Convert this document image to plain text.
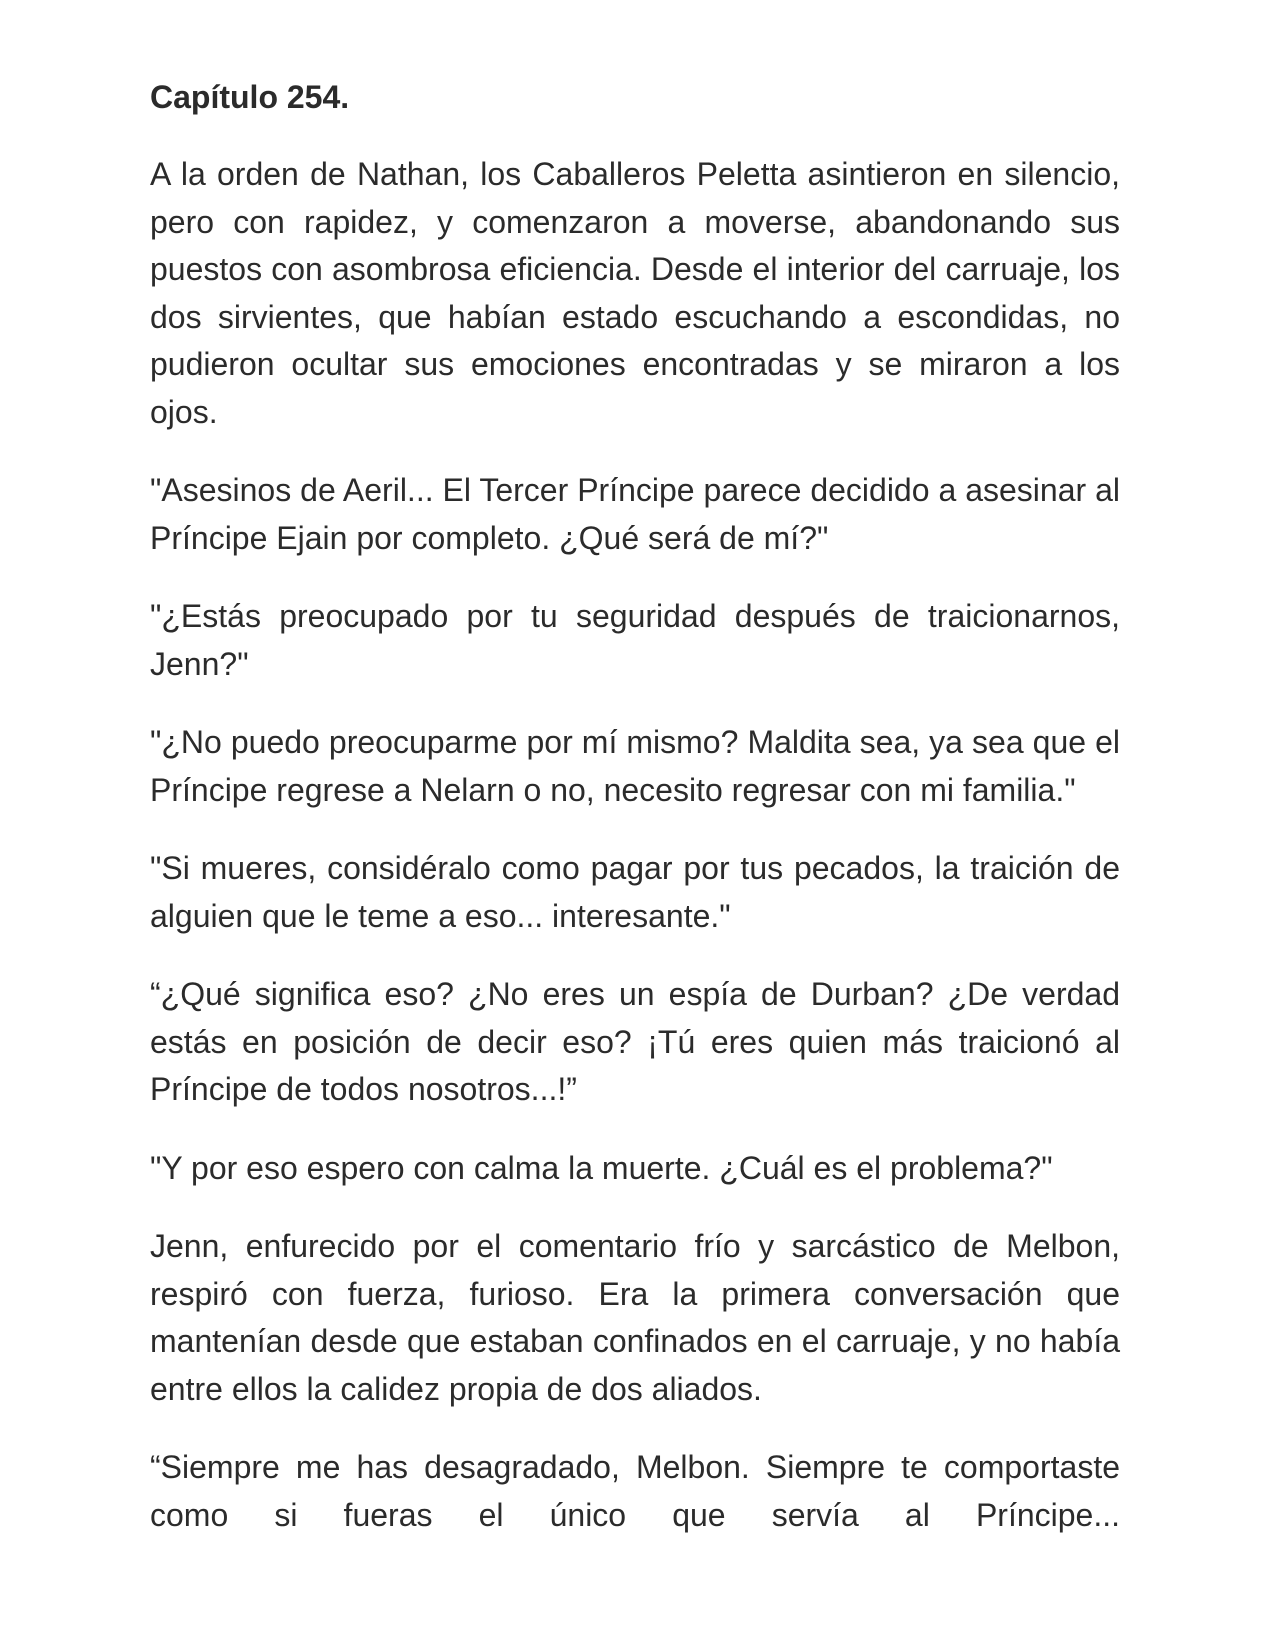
Capítulo 254.

A la orden de Nathan, los Caballeros Peletta asintieron en silencio, pero con rapidez, y comenzaron a moverse, abandonando sus puestos con asombrosa eficiencia. Desde el interior del carruaje, los dos sirvientes, que habían estado escuchando a escondidas, no pudieron ocultar sus emociones encontradas y se miraron a los ojos.

"Asesinos de Aeril... El Tercer Príncipe parece decidido a asesinar al Príncipe Ejain por completo. ¿Qué será de mí?"

"¿Estás preocupado por tu seguridad después de traicionarnos, Jenn?"

"¿No puedo preocuparme por mí mismo? Maldita sea, ya sea que el Príncipe regrese a Nelarn o no, necesito regresar con mi familia."

"Si mueres, considéralo como pagar por tus pecados, la traición de alguien que le teme a eso... interesante."

“¿Qué significa eso? ¿No eres un espía de Durban? ¿De verdad estás en posición de decir eso? ¡Tú eres quien más traicionó al Príncipe de todos nosotros...!”

"Y por eso espero con calma la muerte. ¿Cuál es el problema?"

Jenn, enfurecido por el comentario frío y sarcástico de Melbon, respiró con fuerza, furioso. Era la primera conversación que mantenían desde que estaban confinados en el carruaje, y no había entre ellos la calidez propia de dos aliados.

“Siempre me has desagradado, Melbon. Siempre te comportaste como si fueras el único que servía al Príncipe...
